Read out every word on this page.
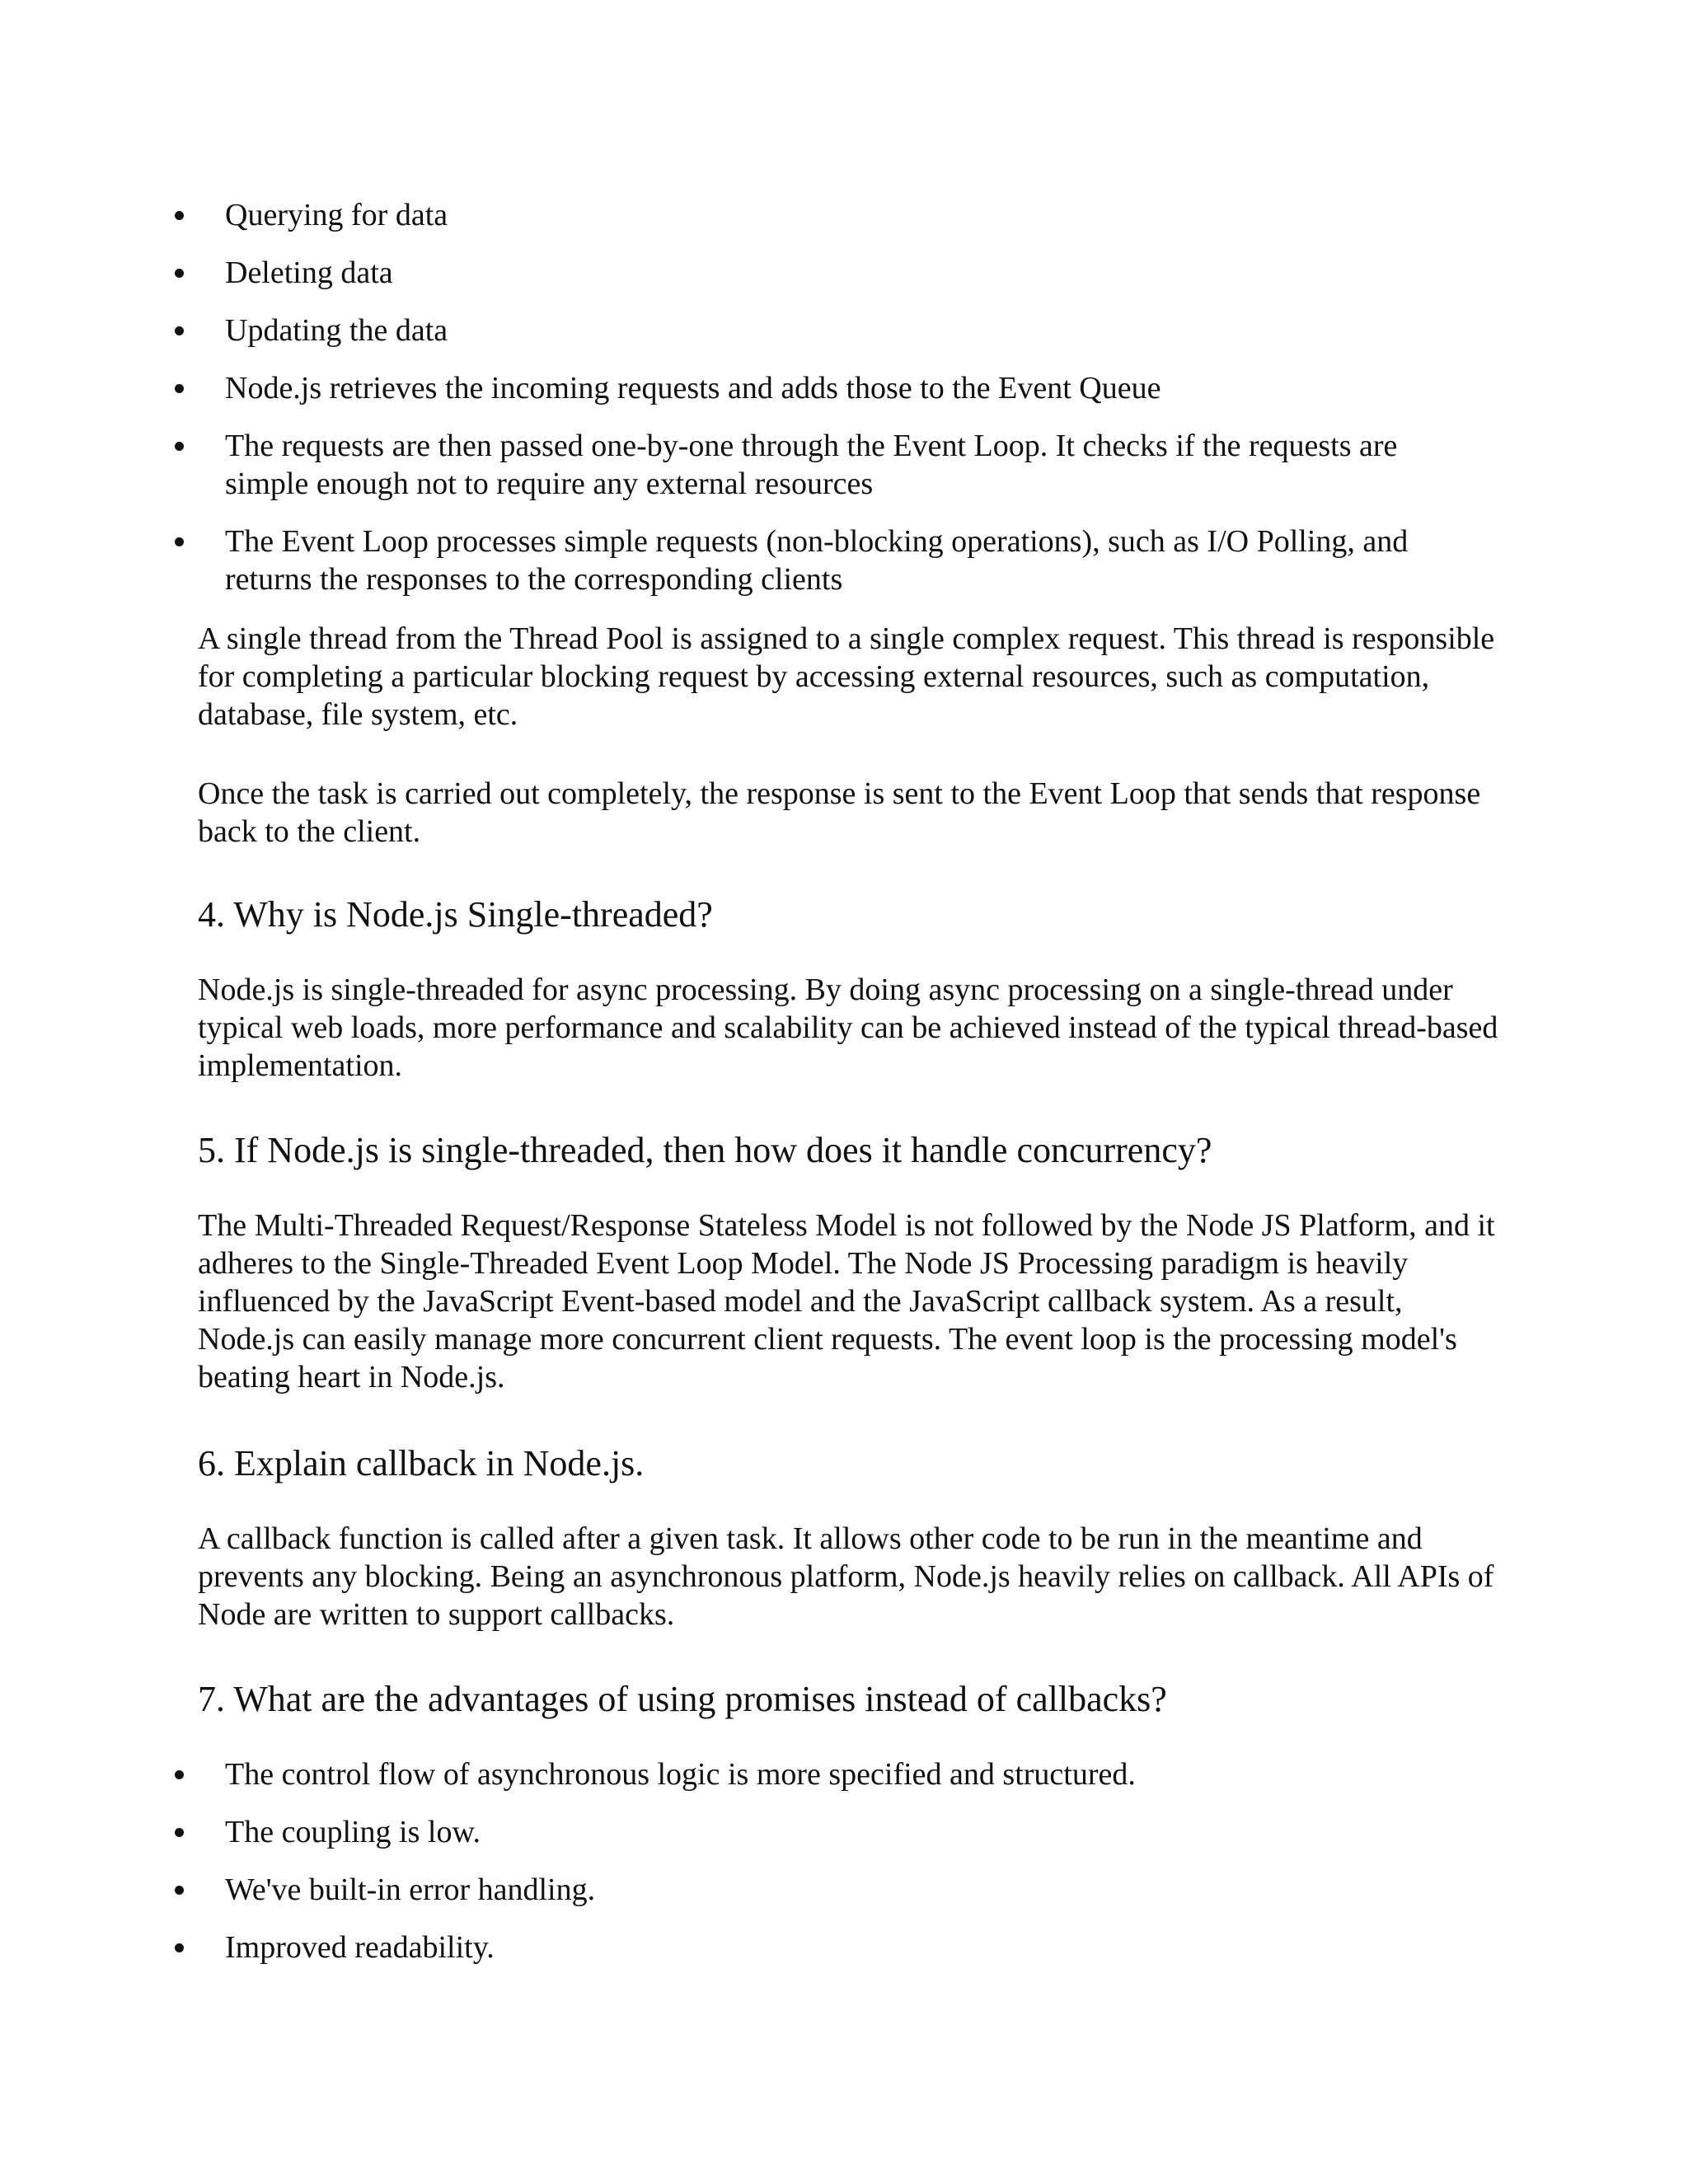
Querying for data
Deleting data
Updating the data
Node.js retrieves the incoming requests and adds those to the Event Queue
The requests are then passed one-by-one through the Event Loop. It checks if the requests are simple enough not to require any external resources
The Event Loop processes simple requests (non-blocking operations), such as I/O Polling, and returns the responses to the corresponding clients

A single thread from the Thread Pool is assigned to a single complex request. This thread is responsible for completing a particular blocking request by accessing external resources, such as computation, database, file system, etc.

Once the task is carried out completely, the response is sent to the Event Loop that sends that response back to the client.

4. Why is Node.js Single-threaded?

Node.js is single-threaded for async processing. By doing async processing on a single-thread under typical web loads, more performance and scalability can be achieved instead of the typical thread-based implementation.

5. If Node.js is single-threaded, then how does it handle concurrency?

The Multi-Threaded Request/Response Stateless Model is not followed by the Node JS Platform, and it adheres to the Single-Threaded Event Loop Model. The Node JS Processing paradigm is heavily influenced by the JavaScript Event-based model and the JavaScript callback system. As a result, Node.js can easily manage more concurrent client requests. The event loop is the processing model's beating heart in Node.js.

6. Explain callback in Node.js.

A callback function is called after a given task. It allows other code to be run in the meantime and prevents any blocking. Being an asynchronous platform, Node.js heavily relies on callback. All APIs of Node are written to support callbacks.

7. What are the advantages of using promises instead of callbacks?
The control flow of asynchronous logic is more specified and structured.
The coupling is low.
We've built-in error handling.
Improved readability.
